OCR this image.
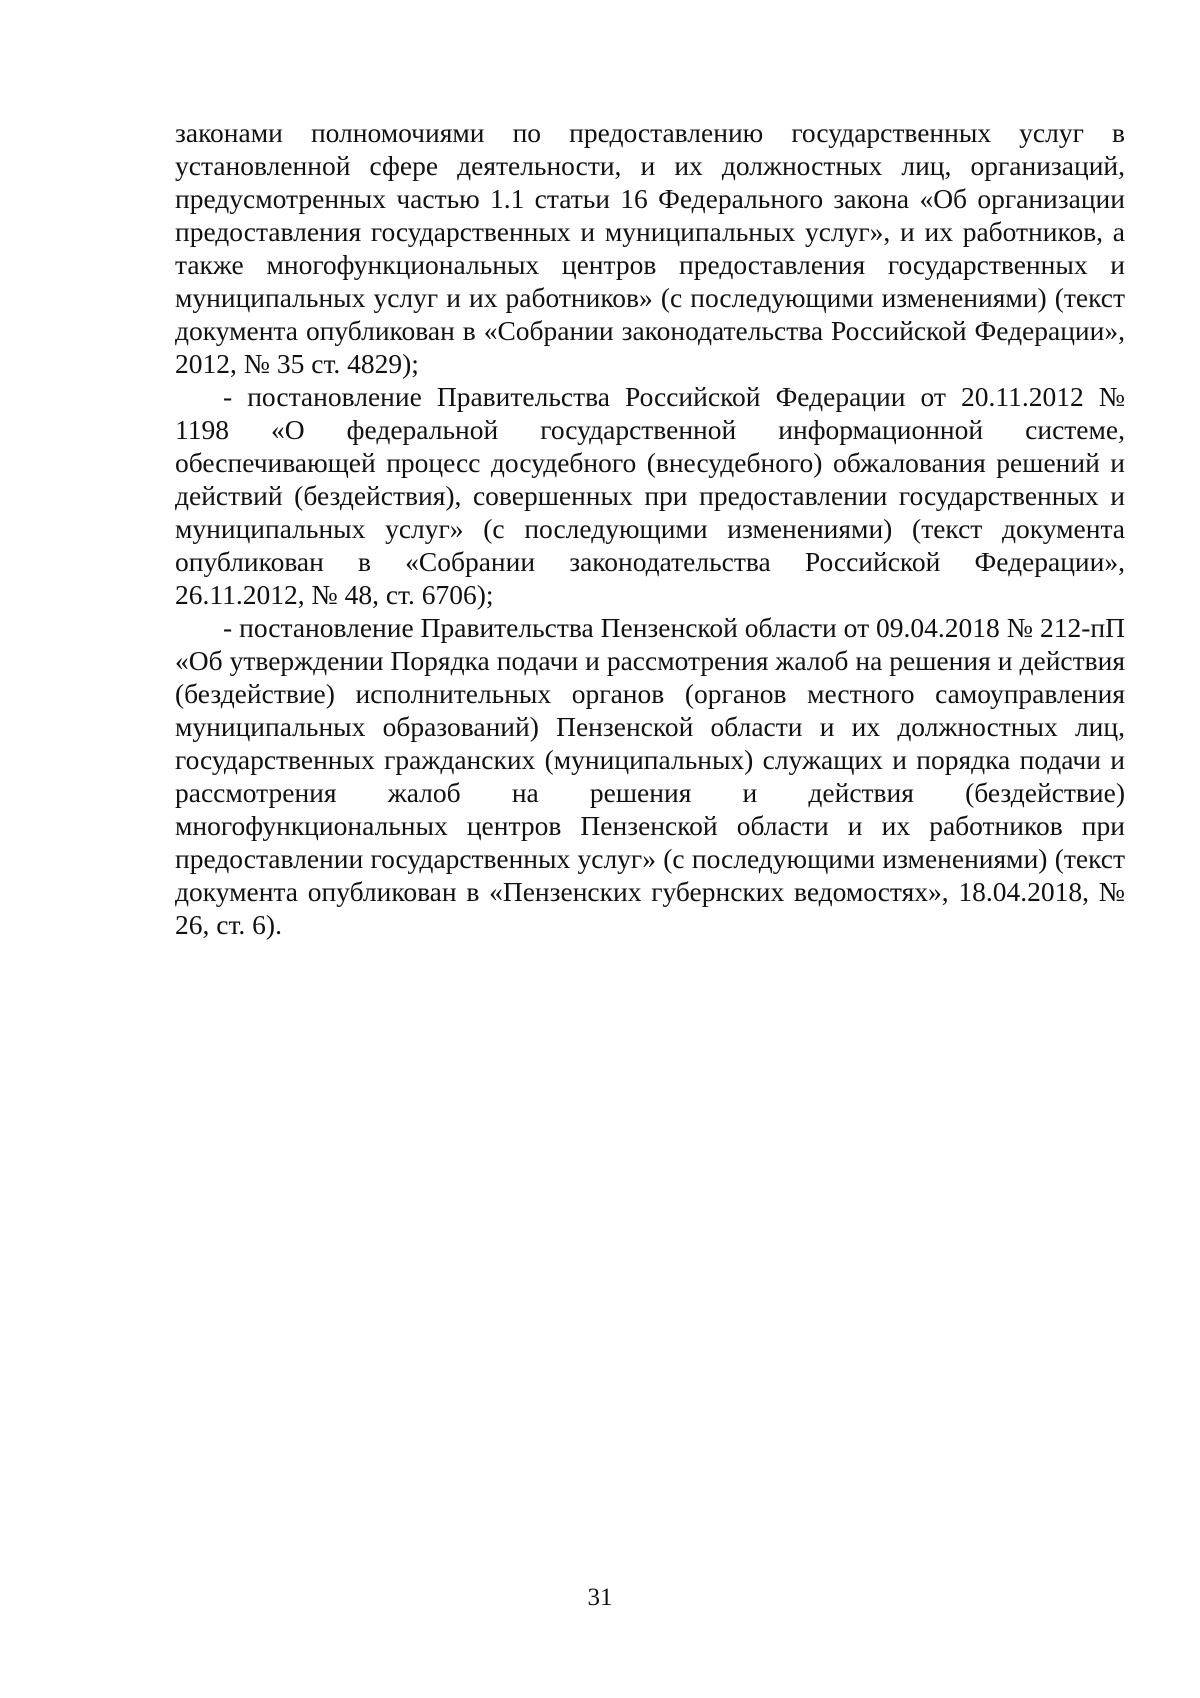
законами полномочиями по предоставлению государственных услуг в установленной сфере деятельности, и их должностных лиц, организаций, предусмотренных частью 1.1 статьи 16 Федерального закона «Об организации предоставления государственных и муниципальных услуг», и их работников, а также многофункциональных центров предоставления государственных и муниципальных услуг и их работников» (с последующими изменениями) (текст документа опубликован в «Собрании законодательства Российской Федерации», 2012, № 35 ст. 4829);

- постановление Правительства Российской Федерации от 20.11.2012 № 1198 «О федеральной государственной информационной системе, обеспечивающей процесс досудебного (внесудебного) обжалования решений и действий (бездействия), совершенных при предоставлении государственных и муниципальных услуг» (с последующими изменениями) (текст документа опубликован в «Собрании законодательства Российской Федерации», 26.11.2012, № 48, ст. 6706);

- постановление Правительства Пензенской области от 09.04.2018 № 212-пП «Об утверждении Порядка подачи и рассмотрения жалоб на решения и действия (бездействие) исполнительных органов (органов местного самоуправления муниципальных образований) Пензенской области и их должностных лиц, государственных гражданских (муниципальных) служащих и порядка подачи и рассмотрения жалоб на решения и действия (бездействие) многофункциональных центров Пензенской области и их работников при предоставлении государственных услуг» (с последующими изменениями) (текст документа опубликован в «Пензенских губернских ведомостях», 18.04.2018, № 26, ст. 6).

31
